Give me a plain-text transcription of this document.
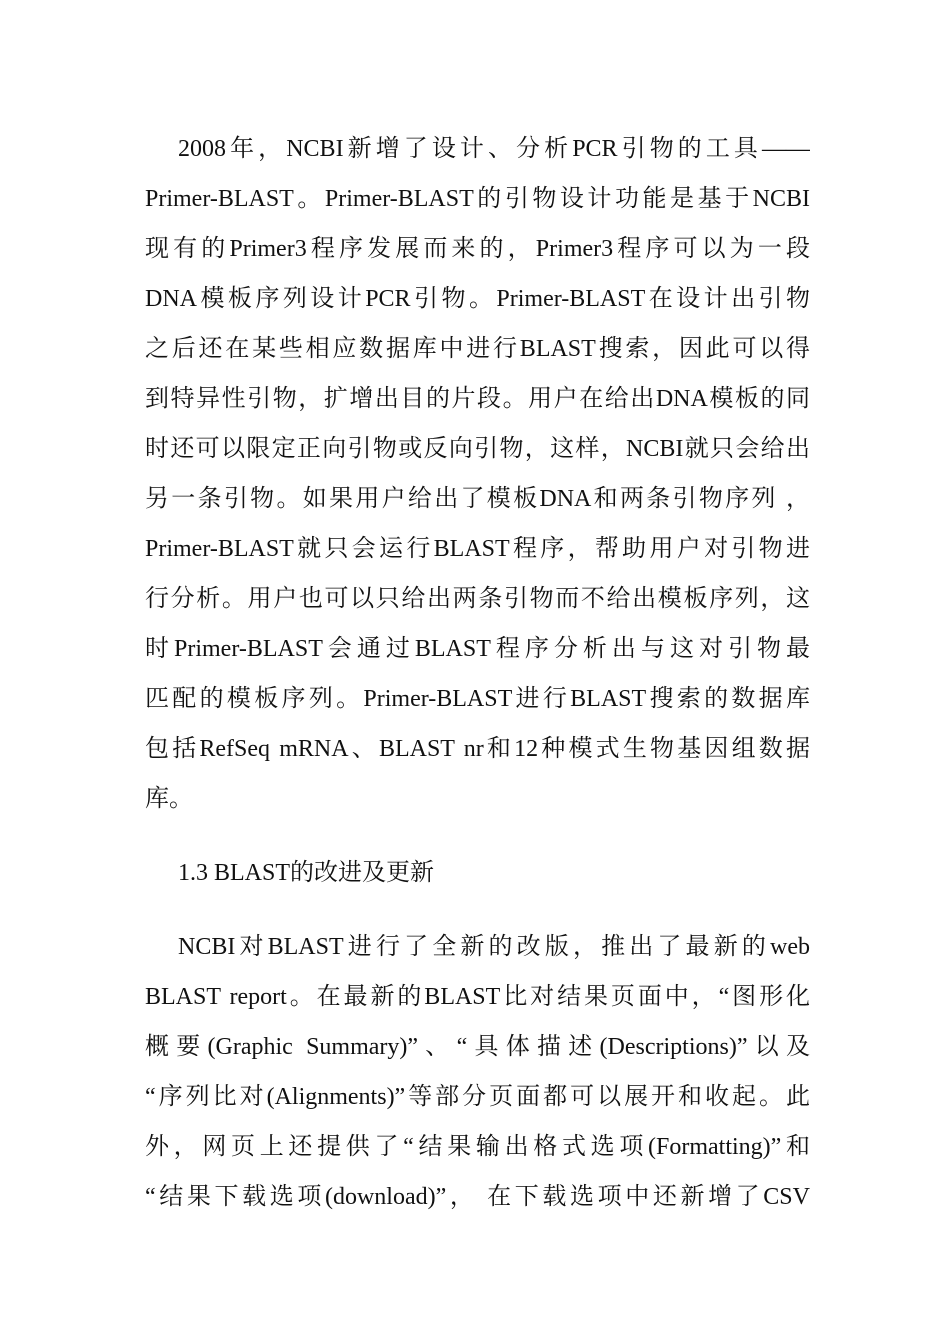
2008年，NCBI新增了设计、分析PCR引物的工具——
Primer-BLAST。Primer-BLAST的引物设计功能是基于NCBI
现有的Primer3程序发展而来的，Primer3程序可以为一段
DNA模板序列设计PCR引物。Primer-BLAST在设计出引物
之后还在某些相应数据库中进行BLAST搜索，因此可以得
到特异性引物，扩增出目的片段。用户在给出DNA模板的同
时还可以限定正向引物或反向引物，这样，NCBI就只会给出
另一条引物。如果用户给出了模板DNA和两条引物序列 ，
Primer-BLAST就只会运行BLAST程序，帮助用户对引物进
行分析。用户也可以只给出两条引物而不给出模板序列，这
时Primer-BLAST会通过BLAST程序分析出与这对引物最
匹配的模板序列。Primer-BLAST进行BLAST搜索的数据库
包括RefSeq mRNA、BLAST nr和12种模式生物基因组数据
库。
1.3 BLAST的改进及更新
NCBI对BLAST进行了全新的改版，推出了最新的web
BLAST report。在最新的BLAST比对结果页面中，“图形化
概要(Graphic Summary)”、“具体描述(Descriptions)”以及
“序列比对(Alignments)”等部分页面都可以展开和收起。此
外，网页上还提供了“结果输出格式选项(Formatting)”和
“结果下载选项(download)”， 在下载选项中还新增了CSV
